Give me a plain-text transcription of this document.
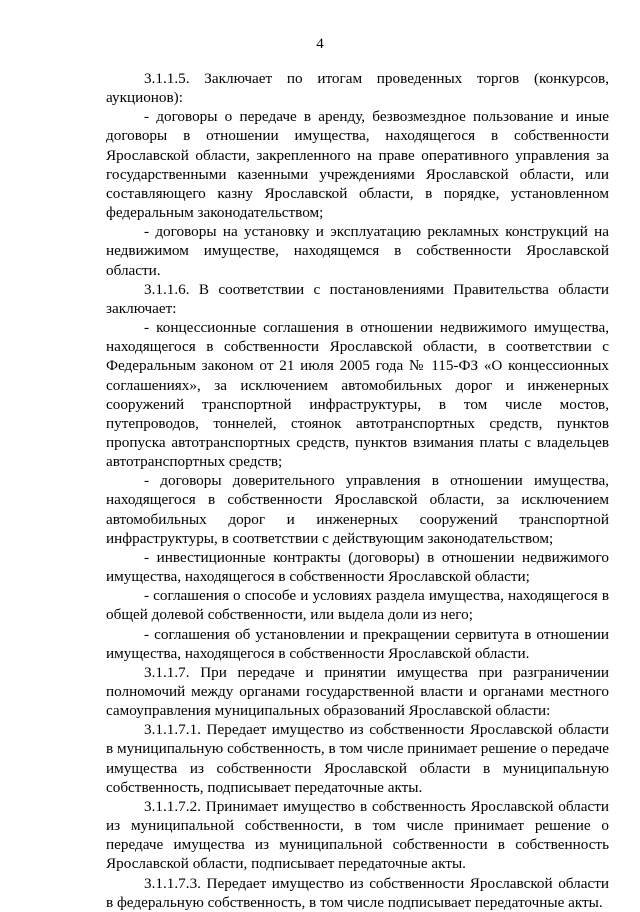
4

3.1.1.5. Заключает по итогам проведенных торгов (конкурсов, аукционов):

- договоры о передаче в аренду, безвозмездное пользование и иные договоры в отношении имущества, находящегося в собственности Ярославской области, закрепленного на праве оперативного управления за государственными казенными учреждениями Ярославской области, или составляющего казну Ярославской области, в порядке, установленном федеральным законодательством;

- договоры на установку и эксплуатацию рекламных конструкций на недвижимом имуществе, находящемся в собственности Ярославской области.

3.1.1.6. В соответствии с постановлениями Правительства области заключает:

- концессионные соглашения в отношении недвижимого имущества, находящегося в собственности Ярославской области, в соответствии с Федеральным законом от 21 июля 2005 года № 115-ФЗ «О концессионных соглашениях», за исключением автомобильных дорог и инженерных сооружений транспортной инфраструктуры, в том числе мостов, путепроводов, тоннелей, стоянок автотранспортных средств, пунктов пропуска автотранспортных средств, пунктов взимания платы с владельцев автотранспортных средств;

- договоры доверительного управления в отношении имущества, находящегося в собственности Ярославской области, за исключением автомобильных дорог и инженерных сооружений транспортной инфраструктуры, в соответствии с действующим законодательством;

- инвестиционные контракты (договоры) в отношении недвижимого имущества, находящегося в собственности Ярославской области;

- соглашения о способе и условиях раздела имущества, находящегося в общей долевой собственности, или выдела доли из него;

- соглашения об установлении и прекращении сервитута в отношении имущества, находящегося в собственности Ярославской области.

3.1.1.7. При передаче и принятии имущества при разграничении полномочий между органами государственной власти и органами местного самоуправления муниципальных образований Ярославской области:

3.1.1.7.1. Передает имущество из собственности Ярославской области в муниципальную собственность, в том числе принимает решение о передаче имущества из собственности Ярославской области в муниципальную собственность, подписывает передаточные акты.

3.1.1.7.2. Принимает имущество в собственность Ярославской области из муниципальной собственности, в том числе принимает решение о передаче имущества из муниципальной собственности в собственность Ярославской области, подписывает передаточные акты.

3.1.1.7.3. Передает имущество из собственности Ярославской области в федеральную собственность, в том числе подписывает передаточные акты.
